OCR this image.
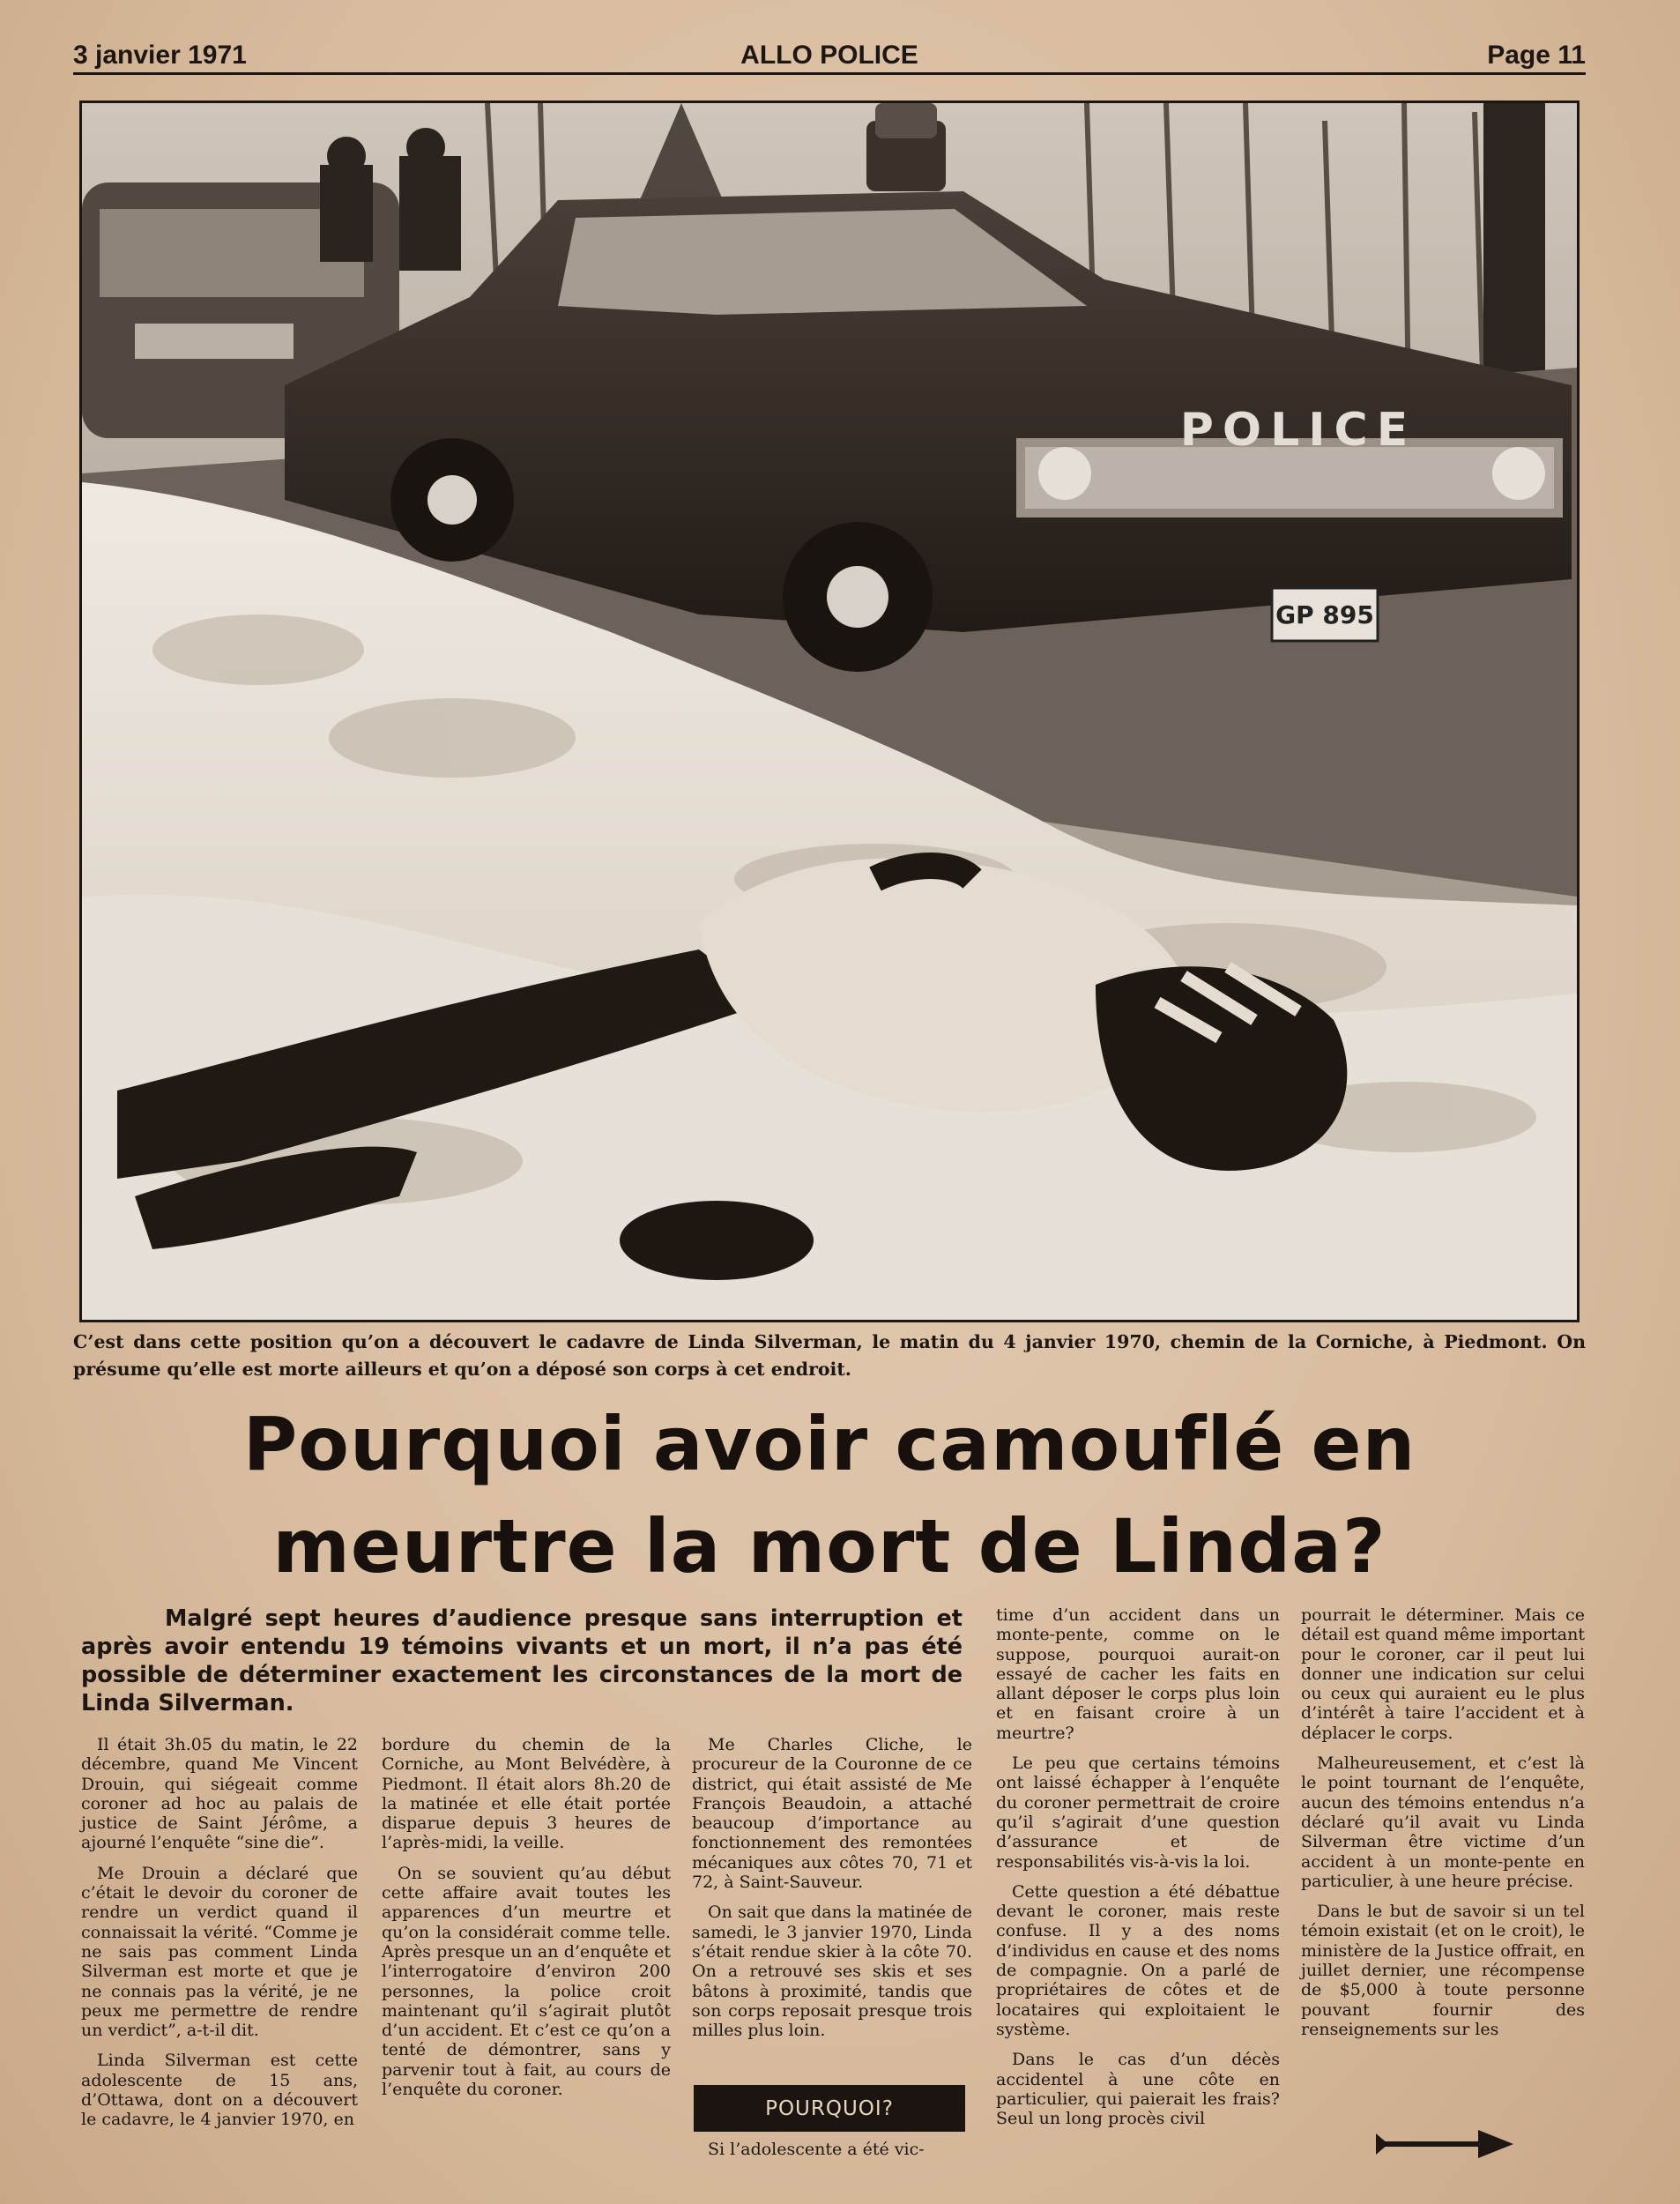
3 janvier 1971	ALLO POLICE	Page 11
GP 895
POLICE
C’est dans cette position qu’on a découvert le cadavre de Linda Silverman, le matin du 4 janvier 1970, chemin de la Corniche, à Piedmont. On présume qu’elle est morte ailleurs et qu’on a déposé son corps à cet endroit.
Pourquoi avoir camouflé en meurtre la mort de Linda?
Malgré sept heures d’audience presque sans interruption et après avoir entendu 19 témoins vivants et un mort, il n’a pas été possible de déterminer exactement les circonstances de la mort de Linda Silverman.

Il était 3h.05 du matin, le 22 décembre, quand Me Vincent Drouin, qui siégeait comme coroner ad hoc au palais de justice de Saint Jérôme, a ajourné l’enquête “sine die”.

Me Drouin a déclaré que c’était le devoir du coroner de rendre un verdict quand il connaissait la vérité. “Comme je ne sais pas comment Linda Silverman est morte et que je ne connais pas la vérité, je ne peux me permettre de rendre un verdict”, a-t-il dit.

Linda Silverman est cette adolescente de 15 ans, d’Ottawa, dont on a découvert le cadavre, le 4 janvier 1970, en

bordure du chemin de la Corniche, au Mont Belvédère, à Piedmont. Il était alors 8h.20 de la matinée et elle était portée disparue depuis 3 heures de l’après-midi, la veille.

On se souvient qu’au début cette affaire avait toutes les apparences d’un meurtre et qu’on la considérait comme telle. Après presque un an d’enquête et l’interrogatoire d’environ 200 personnes, la police croit maintenant qu’il s’agirait plutôt d’un accident. Et c’est ce qu’on a tenté de démontrer, sans y parvenir tout à fait, au cours de l’enquête du coroner.

Me Charles Cliche, le procureur de la Couronne de ce district, qui était assisté de Me François Beaudoin, a attaché beaucoup d’importance au fonctionnement des remontées mécaniques aux côtes 70, 71 et 72, à Saint-Sauveur.

On sait que dans la matinée de samedi, le 3 janvier 1970, Linda s’était rendue skier à la côte 70. On a retrouvé ses skis et ses bâtons à proximité, tandis que son corps reposait presque trois milles plus loin.

POURQUOI?

Si l’adolescente a été vic-

time d’un accident dans un monte-pente, comme on le suppose, pourquoi aurait-on essayé de cacher les faits en allant déposer le corps plus loin et en faisant croire à un meurtre?

Le peu que certains témoins ont laissé échapper à l’enquête du coroner permettrait de croire qu’il s’agirait d’une question d’assurance et de responsabilités vis-à-vis la loi.

Cette question a été débattue devant le coroner, mais reste confuse. Il y a des noms d’individus en cause et des noms de compagnie. On a parlé de propriétaires de côtes et de locataires qui exploitaient le système.

Dans le cas d’un décès accidentel à une côte en particulier, qui paierait les frais? Seul un long procès civil

pourrait le déterminer. Mais ce détail est quand même important pour le coroner, car il peut lui donner une indication sur celui ou ceux qui auraient eu le plus d’intérêt à taire l’accident et à déplacer le corps.

Malheureusement, et c’est là le point tournant de l’enquête, aucun des témoins entendus n’a déclaré qu’il avait vu Linda Silverman être victime d’un accident à un monte-pente en particulier, à une heure précise.

Dans le but de savoir si un tel témoin existait (et on le croit), le ministère de la Justice offrait, en juillet dernier, une récompense de $5,000 à toute personne pouvant fournir des renseignements sur les
